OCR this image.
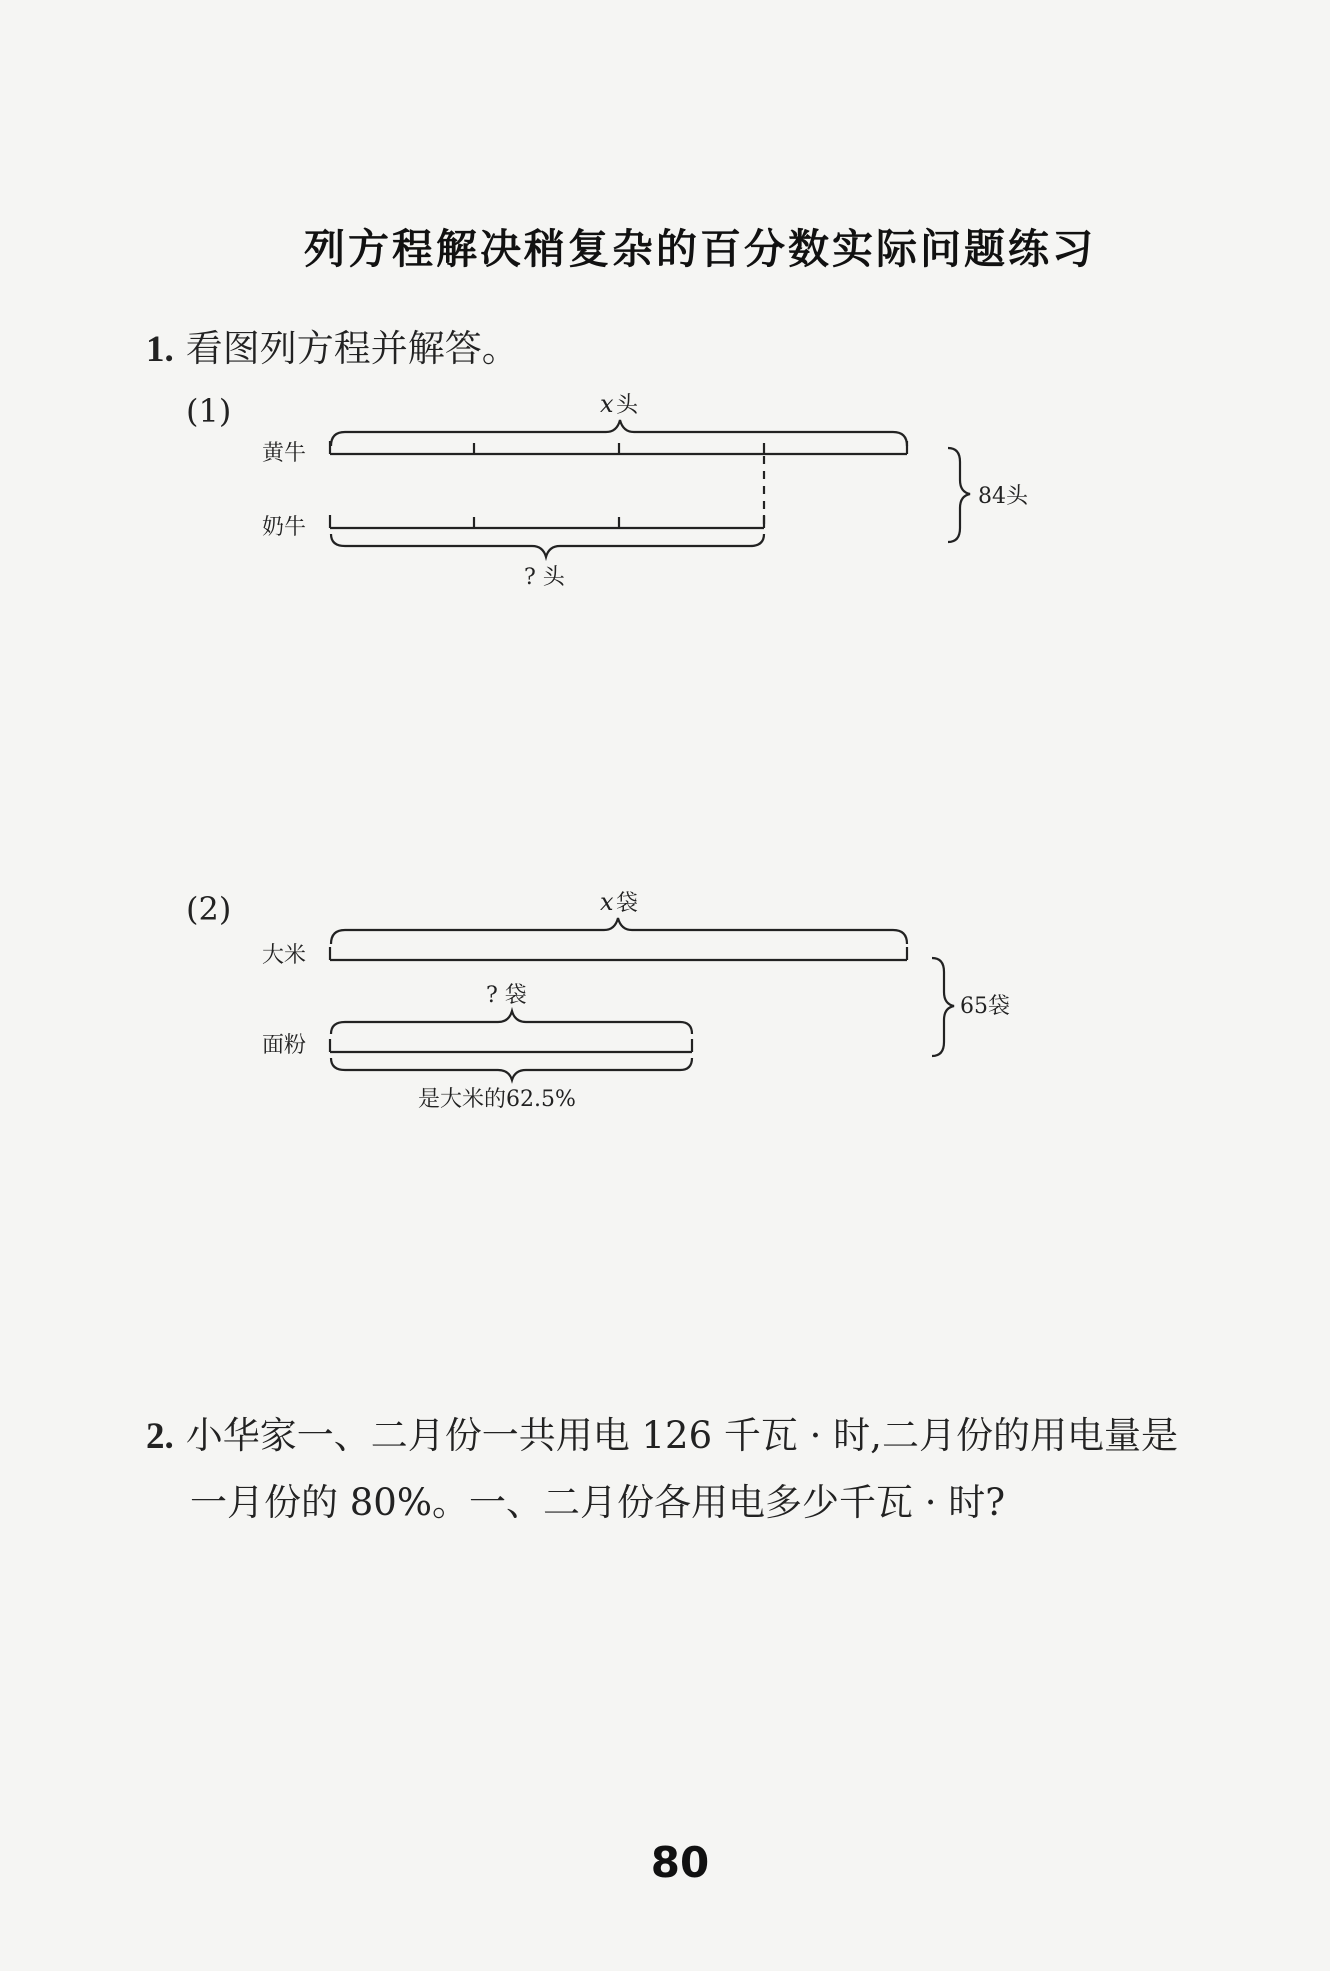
列方程解决稍复杂的百分数实际问题练习
1. 看图列方程并解答。
(1)
黄牛
奶牛
x 头
? 头
84头
(2)
大米
面粉
x 袋
? 袋
是大米的62.5%
65袋
2. 小华家一、二月份一共用电 126 千瓦 · 时,二月份的用电量是
一月份的 80%。一、二月份各用电多少千瓦 · 时?
80
